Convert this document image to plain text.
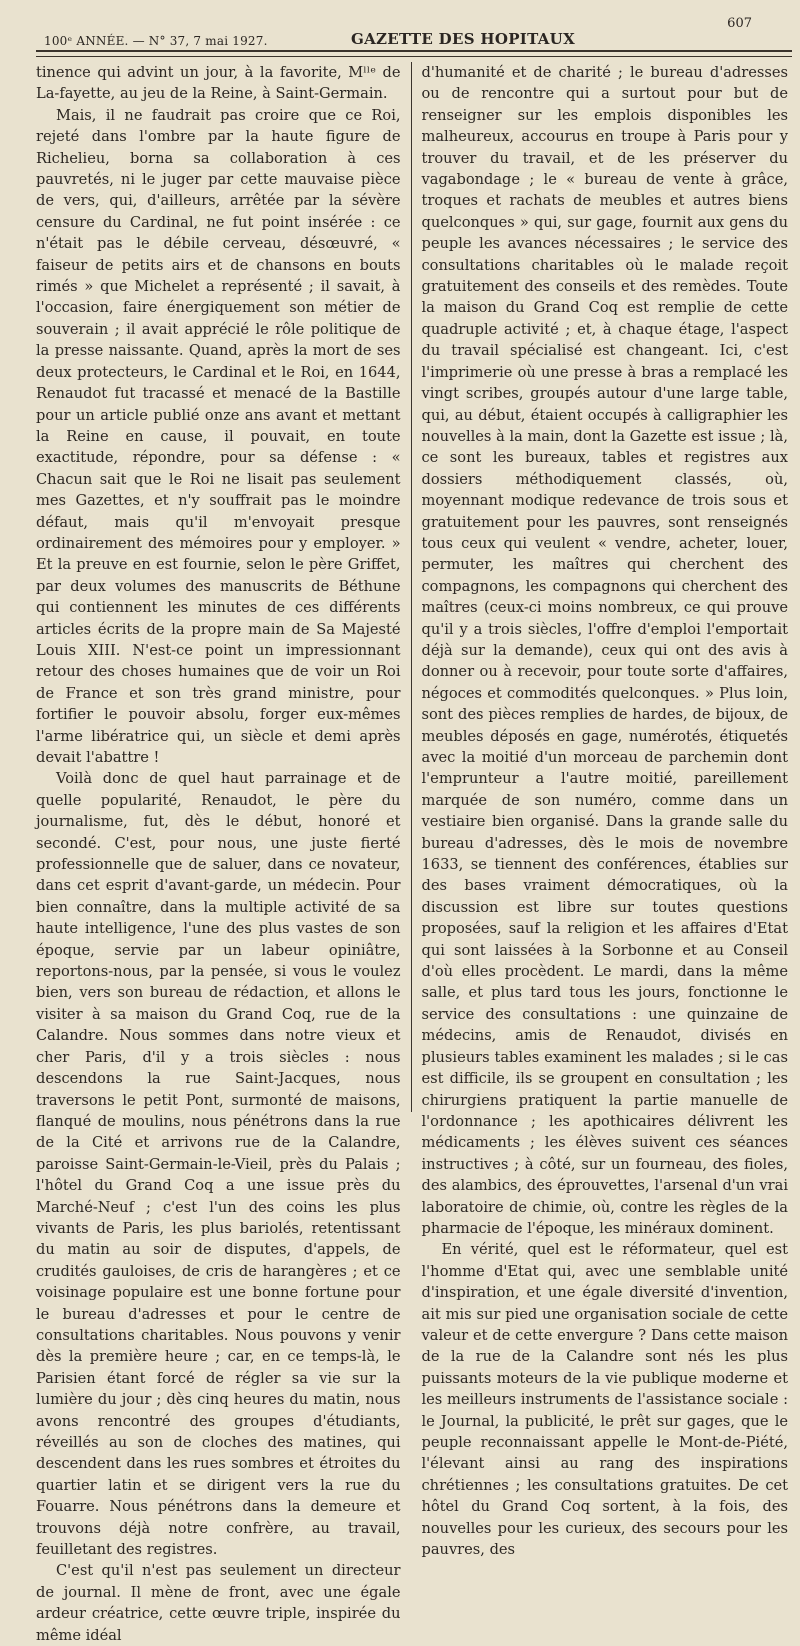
100ᵉ ANNÉE. — N° 37, 7 mai 1927.	GAZETTE DES HOPITAUX
607

tinence qui advint un jour, à la favorite, Mˡˡᵉ de La-fayette, au jeu de la Reine, à Saint-Germain.

Mais, il ne faudrait pas croire que ce Roi, rejeté dans l'ombre par la haute figure de Richelieu, borna sa collaboration à ces pauvretés, ni le juger par cette mauvaise pièce de vers, qui, d'ailleurs, arrêtée par la sévère censure du Cardinal, ne fut point insérée : ce n'était pas le débile cerveau, désœuvré, « faiseur de petits airs et de chansons en bouts rimés » que Michelet a représenté ; il savait, à l'occasion, faire énergiquement son métier de souverain ; il avait apprécié le rôle politique de la presse naissante. Quand, après la mort de ses deux protecteurs, le Cardinal et le Roi, en 1644, Renaudot fut tracassé et menacé de la Bastille pour un article publié onze ans avant et mettant la Reine en cause, il pouvait, en toute exactitude, répondre, pour sa défense : « Chacun sait que le Roi ne lisait pas seulement mes Gazettes, et n'y souffrait pas le moindre défaut, mais qu'il m'envoyait presque ordinairement des mémoires pour y employer. » Et la preuve en est fournie, selon le père Griffet, par deux volumes des manuscrits de Béthune qui contiennent les minutes de ces différents articles écrits de la propre main de Sa Majesté Louis XIII. N'est-ce point un impressionnant retour des choses humaines que de voir un Roi de France et son très grand ministre, pour fortifier le pouvoir absolu, forger eux-mêmes l'arme libératrice qui, un siècle et demi après devait l'abattre !

Voilà donc de quel haut parrainage et de quelle popularité, Renaudot, le père du journalisme, fut, dès le début, honoré et secondé. C'est, pour nous, une juste fierté professionnelle que de saluer, dans ce novateur, dans cet esprit d'avant-garde, un médecin. Pour bien connaître, dans la multiple activité de sa haute intelligence, l'une des plus vastes de son époque, servie par un labeur opiniâtre, reportons-nous, par la pensée, si vous le voulez bien, vers son bureau de rédaction, et allons le visiter à sa maison du Grand Coq, rue de la Calandre. Nous sommes dans notre vieux et cher Paris, d'il y a trois siècles : nous descendons la rue Saint-Jacques, nous traversons le petit Pont, surmonté de maisons, flanqué de moulins, nous pénétrons dans la rue de la Cité et arrivons rue de la Calandre, paroisse Saint-Germain-le-Vieil, près du Palais ; l'hôtel du Grand Coq a une issue près du Marché-Neuf ; c'est l'un des coins les plus vivants de Paris, les plus bariolés, retentissant du matin au soir de disputes, d'appels, de crudités gauloises, de cris de harangères ; et ce voisinage populaire est une bonne fortune pour le bureau d'adresses et pour le centre de consultations charitables. Nous pouvons y venir dès la première heure ; car, en ce temps-là, le Parisien étant forcé de régler sa vie sur la lumière du jour ; dès cinq heures du matin, nous avons rencontré des groupes d'étudiants, réveillés au son de cloches des matines, qui descendent dans les rues sombres et étroites du quartier latin et se dirigent vers la rue du Fouarre. Nous pénétrons dans la demeure et trouvons déjà notre confrère, au travail, feuilletant des registres.

C'est qu'il n'est pas seulement un directeur de journal. Il mène de front, avec une égale ardeur créatrice, cette œuvre triple, inspirée du même idéal

d'humanité et de charité ; le bureau d'adresses ou de rencontre qui a surtout pour but de renseigner sur les emplois disponibles les malheureux, accourus en troupe à Paris pour y trouver du travail, et de les préserver du vagabondage ; le « bureau de vente à grâce, troques et rachats de meubles et autres biens quelconques » qui, sur gage, fournit aux gens du peuple les avances nécessaires ; le service des consultations charitables où le malade reçoit gratuitement des conseils et des remèdes. Toute la maison du Grand Coq est remplie de cette quadruple activité ; et, à chaque étage, l'aspect du travail spécialisé est changeant. Ici, c'est l'imprimerie où une presse à bras a remplacé les vingt scribes, groupés autour d'une large table, qui, au début, étaient occupés à calligraphier les nouvelles à la main, dont la Gazette est issue ; là, ce sont les bureaux, tables et registres aux dossiers méthodiquement classés, où, moyennant modique redevance de trois sous et gratuitement pour les pauvres, sont renseignés tous ceux qui veulent « vendre, acheter, louer, permuter, les maîtres qui cherchent des compagnons, les compagnons qui cherchent des maîtres (ceux-ci moins nombreux, ce qui prouve qu'il y a trois siècles, l'offre d'emploi l'emportait déjà sur la demande), ceux qui ont des avis à donner ou à recevoir, pour toute sorte d'affaires, négoces et commodités quelconques. » Plus loin, sont des pièces remplies de hardes, de bijoux, de meubles déposés en gage, numérotés, étiquetés avec la moitié d'un morceau de parchemin dont l'emprunteur a l'autre moitié, pareillement marquée de son numéro, comme dans un vestiaire bien organisé. Dans la grande salle du bureau d'adresses, dès le mois de novembre 1633, se tiennent des conférences, établies sur des bases vraiment démocratiques, où la discussion est libre sur toutes questions proposées, sauf la religion et les affaires d'Etat qui sont laissées à la Sorbonne et au Conseil d'où elles procèdent. Le mardi, dans la même salle, et plus tard tous les jours, fonctionne le service des consultations : une quinzaine de médecins, amis de Renaudot, divisés en plusieurs tables examinent les malades ; si le cas est difficile, ils se groupent en consultation ; les chirurgiens pratiquent la partie manuelle de l'ordonnance ; les apothicaires délivrent les médicaments ; les élèves suivent ces séances instructives ; à côté, sur un fourneau, des fioles, des alambics, des éprouvettes, l'arsenal d'un vrai laboratoire de chimie, où, contre les règles de la pharmacie de l'époque, les minéraux dominent.

En vérité, quel est le réformateur, quel est l'homme d'Etat qui, avec une semblable unité d'inspiration, et une égale diversité d'invention, ait mis sur pied une organisation sociale de cette valeur et de cette envergure ? Dans cette maison de la rue de la Calandre sont nés les plus puissants moteurs de la vie publique moderne et les meilleurs instruments de l'assistance sociale : le Journal, la publicité, le prêt sur gages, que le peuple reconnaissant appelle le Mont-de-Piété, l'élevant ainsi au rang des inspirations chrétiennes ; les consultations gratuites. De cet hôtel du Grand Coq sortent, à la fois, des nouvelles pour les curieux, des secours pour les pauvres, des
